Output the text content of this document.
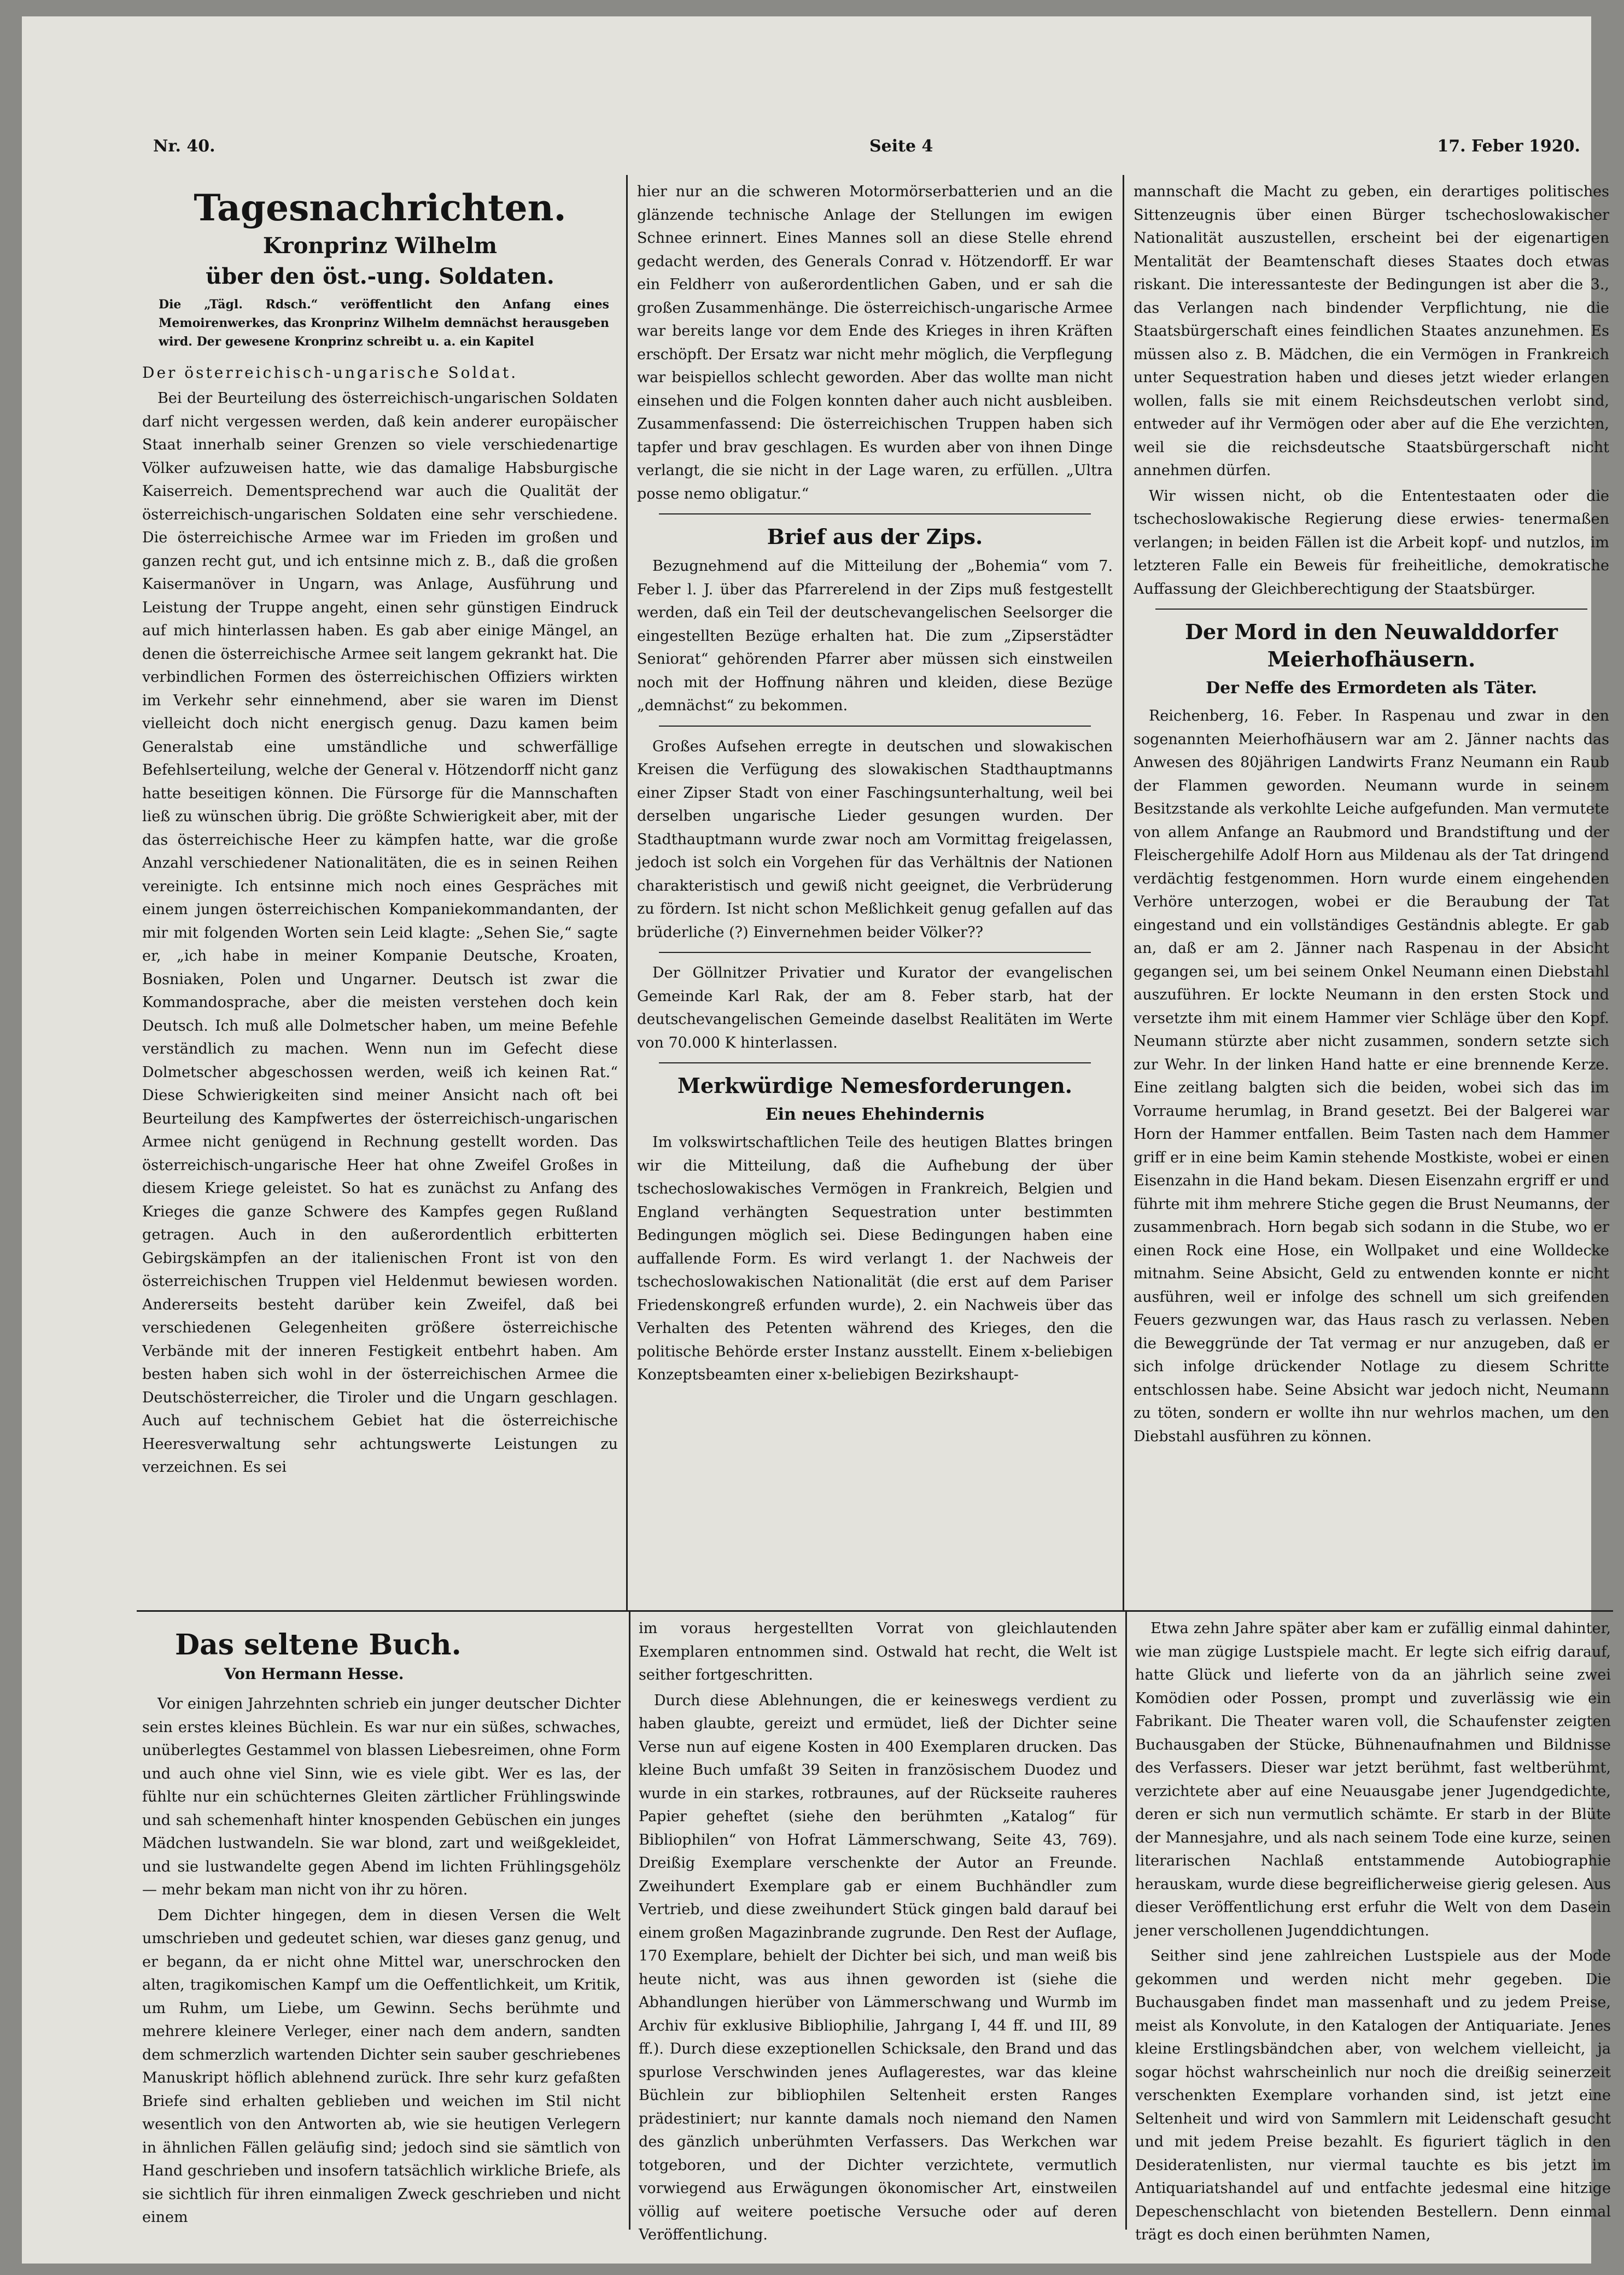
Nr. 40.	Seite 4	17. Feber 1920.
Tagesnachrichten.
Kronprinz Wilhelm
über den öst.-ung. Soldaten.
Die „Tägl. Rdsch.“ veröffentlicht den Anfang eines Memoirenwerkes, das Kronprinz Wilhelm demnächst herausgeben wird. Der gewesene Kronprinz schreibt u. a. ein Kapitel
Der österreichisch-ungarische Soldat.

Bei der Beurteilung des österreichisch-ungarischen Soldaten darf nicht vergessen werden, daß kein anderer europäischer Staat innerhalb seiner Grenzen so viele verschiedenartige Völker aufzuweisen hatte, wie das damalige Habsburgische Kaiserreich. Dementsprechend war auch die Qualität der österreichisch-ungarischen Soldaten eine sehr verschiedene. Die österreichische Armee war im Frieden im großen und ganzen recht gut, und ich entsinne mich z. B., daß die großen Kaisermanöver in Ungarn, was Anlage, Ausführung und Leistung der Truppe angeht, einen sehr günstigen Eindruck auf mich hinterlassen haben. Es gab aber einige Mängel, an denen die österreichische Armee seit langem gekrankt hat. Die verbindlichen Formen des österreichischen Offiziers wirkten im Verkehr sehr einnehmend, aber sie waren im Dienst vielleicht doch nicht energisch genug. Dazu kamen beim Generalstab eine umständliche und schwerfällige Befehlserteilung, welche der General v. Hötzendorff nicht ganz hatte beseitigen können. Die Fürsorge für die Mannschaften ließ zu wünschen übrig. Die größte Schwierigkeit aber, mit der das österreichische Heer zu kämpfen hatte, war die große Anzahl verschiedener Nationalitäten, die es in seinen Reihen vereinigte. Ich entsinne mich noch eines Gespräches mit einem jungen österreichischen Kompaniekommandanten, der mir mit folgenden Worten sein Leid klagte: „Sehen Sie,“ sagte er, „ich habe in meiner Kompanie Deutsche, Kroaten, Bosniaken, Polen und Ungarner. Deutsch ist zwar die Kommandosprache, aber die meisten verstehen doch kein Deutsch. Ich muß alle Dolmetscher haben, um meine Befehle verständlich zu machen. Wenn nun im Gefecht diese Dolmetscher abgeschossen werden, weiß ich keinen Rat.“ Diese Schwierigkeiten sind meiner Ansicht nach oft bei Beurteilung des Kampfwertes der österreichisch-ungarischen Armee nicht genügend in Rechnung gestellt worden. Das österreichisch-ungarische Heer hat ohne Zweifel Großes in diesem Kriege geleistet. So hat es zunächst zu Anfang des Krieges die ganze Schwere des Kampfes gegen Rußland getragen. Auch in den außerordentlich erbitterten Gebirgskämpfen an der italienischen Front ist von den österreichischen Truppen viel Heldenmut bewiesen worden. Andererseits besteht darüber kein Zweifel, daß bei verschiedenen Gelegenheiten größere österreichische Verbände mit der inneren Festigkeit entbehrt haben. Am besten haben sich wohl in der österreichischen Armee die Deutschösterreicher, die Tiroler und die Ungarn geschlagen. Auch auf technischem Gebiet hat die österreichische Heeresverwaltung sehr achtungswerte Leistungen zu verzeichnen. Es sei

hier nur an die schweren Motormörserbatterien und an die glänzende technische Anlage der Stellungen im ewigen Schnee erinnert. Eines Mannes soll an diese Stelle ehrend gedacht werden, des Generals Conrad v. Hötzendorff. Er war ein Feldherr von außerordentlichen Gaben, und er sah die großen Zusammenhänge. Die österreichisch-ungarische Armee war bereits lange vor dem Ende des Krieges in ihren Kräften erschöpft. Der Ersatz war nicht mehr möglich, die Verpflegung war beispiellos schlecht geworden. Aber das wollte man nicht einsehen und die Folgen konnten daher auch nicht ausbleiben. Zusammenfassend: Die österreichischen Truppen haben sich tapfer und brav geschlagen. Es wurden aber von ihnen Dinge verlangt, die sie nicht in der Lage waren, zu erfüllen. „Ultra posse nemo obligatur.“

Brief aus der Zips.

Bezugnehmend auf die Mitteilung der „Bohemia“ vom 7. Feber l. J. über das Pfarrerelend in der Zips muß festgestellt werden, daß ein Teil der deutschevangelischen Seelsorger die eingestellten Bezüge erhalten hat. Die zum „Zipserstädter Seniorat“ gehörenden Pfarrer aber müssen sich einstweilen noch mit der Hoffnung nähren und kleiden, diese Bezüge „demnächst“ zu bekommen.

Großes Aufsehen erregte in deutschen und slowakischen Kreisen die Verfügung des slowakischen Stadthauptmanns einer Zipser Stadt von einer Faschingsunterhaltung, weil bei derselben ungarische Lieder gesungen wurden. Der Stadthauptmann wurde zwar noch am Vormittag freigelassen, jedoch ist solch ein Vorgehen für das Verhältnis der Nationen charakteristisch und gewiß nicht geeignet, die Verbrüderung zu fördern. Ist nicht schon Meßlichkeit genug gefallen auf das brüderliche (?) Einvernehmen beider Völker??

Der Göllnitzer Privatier und Kurator der evangelischen Gemeinde Karl Rak, der am 8. Feber starb, hat der deutschevangelischen Gemeinde daselbst Realitäten im Werte von 70.000 K hinterlassen.

Merkwürdige Nemesforderungen.
Ein neues Ehehindernis

Im volkswirtschaftlichen Teile des heutigen Blattes bringen wir die Mitteilung, daß die Aufhebung der über tschechoslowakisches Vermögen in Frankreich, Belgien und England verhängten Sequestration unter bestimmten Bedingungen möglich sei. Diese Bedingungen haben eine auffallende Form. Es wird verlangt 1. der Nachweis der tschechoslowakischen Nationalität (die erst auf dem Pariser Friedenskongreß erfunden wurde), 2. ein Nachweis über das Verhalten des Petenten während des Krieges, den die politische Behörde erster Instanz ausstellt. Einem x-beliebigen Konzeptsbeamten einer x-beliebigen Bezirkshaupt-

mannschaft die Macht zu geben, ein derartiges politisches Sittenzeugnis über einen Bürger tschechoslowakischer Nationalität auszustellen, erscheint bei der eigenartigen Mentalität der Beamtenschaft dieses Staates doch etwas riskant. Die interessanteste der Bedingungen ist aber die 3., das Verlangen nach bindender Verpflichtung, nie die Staatsbürgerschaft eines feindlichen Staates anzunehmen. Es müssen also z. B. Mädchen, die ein Vermögen in Frankreich unter Sequestration haben und dieses jetzt wieder erlangen wollen, falls sie mit einem Reichsdeutschen verlobt sind, entweder auf ihr Vermögen oder aber auf die Ehe verzichten, weil sie die reichsdeutsche Staatsbürgerschaft nicht annehmen dürfen.

Wir wissen nicht, ob die Ententestaaten oder die tschechoslowakische Regierung diese erwies- tenermaßen verlangen; in beiden Fällen ist die Arbeit kopf- und nutzlos, im letzteren Falle ein Beweis für freiheitliche, demokratische Auffassung der Gleichberechtigung der Staatsbürger.

Der Mord in den Neuwalddorfer Meierhofhäusern.
Der Neffe des Ermordeten als Täter.

Reichenberg, 16. Feber. In Raspenau und zwar in den sogenannten Meierhofhäusern war am 2. Jänner nachts das Anwesen des 80jährigen Landwirts Franz Neumann ein Raub der Flammen geworden. Neumann wurde in seinem Besitzstande als verkohlte Leiche aufgefunden. Man vermutete von allem Anfange an Raubmord und Brandstiftung und der Fleischergehilfe Adolf Horn aus Mildenau als der Tat dringend verdächtig festgenommen. Horn wurde einem eingehenden Verhöre unterzogen, wobei er die Beraubung der Tat eingestand und ein vollständiges Geständnis ablegte. Er gab an, daß er am 2. Jänner nach Raspenau in der Absicht gegangen sei, um bei seinem Onkel Neumann einen Diebstahl auszuführen. Er lockte Neumann in den ersten Stock und versetzte ihm mit einem Hammer vier Schläge über den Kopf. Neumann stürzte aber nicht zusammen, sondern setzte sich zur Wehr. In der linken Hand hatte er eine brennende Kerze. Eine zeitlang balgten sich die beiden, wobei sich das im Vorraume herumlag, in Brand gesetzt. Bei der Balgerei war Horn der Hammer entfallen. Beim Tasten nach dem Hammer griff er in eine beim Kamin stehende Mostkiste, wobei er einen Eisenzahn in die Hand bekam. Diesen Eisenzahn ergriff er und führte mit ihm mehrere Stiche gegen die Brust Neumanns, der zusammenbrach. Horn begab sich sodann in die Stube, wo er einen Rock eine Hose, ein Wollpaket und eine Wolldecke mitnahm. Seine Absicht, Geld zu entwenden konnte er nicht ausführen, weil er infolge des schnell um sich greifenden Feuers gezwungen war, das Haus rasch zu verlassen. Neben die Beweggründe der Tat vermag er nur anzugeben, daß er sich infolge drückender Notlage zu diesem Schritte entschlossen habe. Seine Absicht war jedoch nicht, Neumann zu töten, sondern er wollte ihn nur wehrlos machen, um den Diebstahl ausführen zu können.

Das seltene Buch.
Von Hermann Hesse.

Vor einigen Jahrzehnten schrieb ein junger deutscher Dichter sein erstes kleines Büchlein. Es war nur ein süßes, schwaches, unüberlegtes Gestammel von blassen Liebesreimen, ohne Form und auch ohne viel Sinn, wie es viele gibt. Wer es las, der fühlte nur ein schüchternes Gleiten zärtlicher Frühlingswinde und sah schemenhaft hinter knospenden Gebüschen ein junges Mädchen lustwandeln. Sie war blond, zart und weißgekleidet, und sie lustwandelte gegen Abend im lichten Frühlingsgehölz — mehr bekam man nicht von ihr zu hören.

Dem Dichter hingegen, dem in diesen Versen die Welt umschrieben und gedeutet schien, war dieses ganz genug, und er begann, da er nicht ohne Mittel war, unerschrocken den alten, tragikomischen Kampf um die Oeffentlichkeit, um Kritik, um Ruhm, um Liebe, um Gewinn. Sechs berühmte und mehrere kleinere Verleger, einer nach dem andern, sandten dem schmerzlich wartenden Dichter sein sauber geschriebenes Manuskript höflich ablehnend zurück. Ihre sehr kurz gefaßten Briefe sind erhalten geblieben und weichen im Stil nicht wesentlich von den Antworten ab, wie sie heutigen Verlegern in ähnlichen Fällen geläufig sind; jedoch sind sie sämtlich von Hand geschrieben und insofern tatsächlich wirkliche Briefe, als sie sichtlich für ihren einmaligen Zweck geschrieben und nicht einem

im voraus hergestellten Vorrat von gleichlautenden Exemplaren entnommen sind. Ostwald hat recht, die Welt ist seither fortgeschritten.

Durch diese Ablehnungen, die er keineswegs verdient zu haben glaubte, gereizt und ermüdet, ließ der Dichter seine Verse nun auf eigene Kosten in 400 Exemplaren drucken. Das kleine Buch umfaßt 39 Seiten in französischem Duodez und wurde in ein starkes, rotbraunes, auf der Rückseite rauheres Papier geheftet (siehe den berühmten „Katalog“ für Bibliophilen“ von Hofrat Lämmerschwang, Seite 43, 769). Dreißig Exemplare verschenkte der Autor an Freunde. Zweihundert Exemplare gab er einem Buchhändler zum Vertrieb, und diese zweihundert Stück gingen bald darauf bei einem großen Magazinbrande zugrunde. Den Rest der Auflage, 170 Exemplare, behielt der Dichter bei sich, und man weiß bis heute nicht, was aus ihnen geworden ist (siehe die Abhandlungen hierüber von Lämmerschwang und Wurmb im Archiv für exklusive Bibliophilie, Jahrgang I, 44 ff. und III, 89 ff.). Durch diese exzeptionellen Schicksale, den Brand und das spurlose Verschwinden jenes Auflagerestes, war das kleine Büchlein zur bibliophilen Seltenheit ersten Ranges prädestiniert; nur kannte damals noch niemand den Namen des gänzlich unberühmten Verfassers. Das Werkchen war totgeboren, und der Dichter verzichtete, vermutlich vorwiegend aus Erwägungen ökonomischer Art, einstweilen völlig auf weitere poetische Versuche oder auf deren Veröffentlichung.

Etwa zehn Jahre später aber kam er zufällig einmal dahinter, wie man zügige Lustspiele macht. Er legte sich eifrig darauf, hatte Glück und lieferte von da an jährlich seine zwei Komödien oder Possen, prompt und zuverlässig wie ein Fabrikant. Die Theater waren voll, die Schaufenster zeigten Buchausgaben der Stücke, Bühnenaufnahmen und Bildnisse des Verfassers. Dieser war jetzt berühmt, fast weltberühmt, verzichtete aber auf eine Neuausgabe jener Jugendgedichte, deren er sich nun vermutlich schämte. Er starb in der Blüte der Mannesjahre, und als nach seinem Tode eine kurze, seinen literarischen Nachlaß entstammende Autobiographie herauskam, wurde diese begreiflicherweise gierig gelesen. Aus dieser Veröffentlichung erst erfuhr die Welt von dem Dasein jener verschollenen Jugenddichtungen.

Seither sind jene zahlreichen Lustspiele aus der Mode gekommen und werden nicht mehr gegeben. Die Buchausgaben findet man massenhaft und zu jedem Preise, meist als Konvolute, in den Katalogen der Antiquariate. Jenes kleine Erstlingsbändchen aber, von welchem vielleicht, ja sogar höchst wahrscheinlich nur noch die dreißig seinerzeit verschenkten Exemplare vorhanden sind, ist jetzt eine Seltenheit und wird von Sammlern mit Leidenschaft gesucht und mit jedem Preise bezahlt. Es figuriert täglich in den Desideratenlisten, nur viermal tauchte es bis jetzt im Antiquariatshandel auf und entfachte jedesmal eine hitzige Depeschenschlacht von bietenden Bestellern. Denn einmal trägt es doch einen berühmten Namen,
